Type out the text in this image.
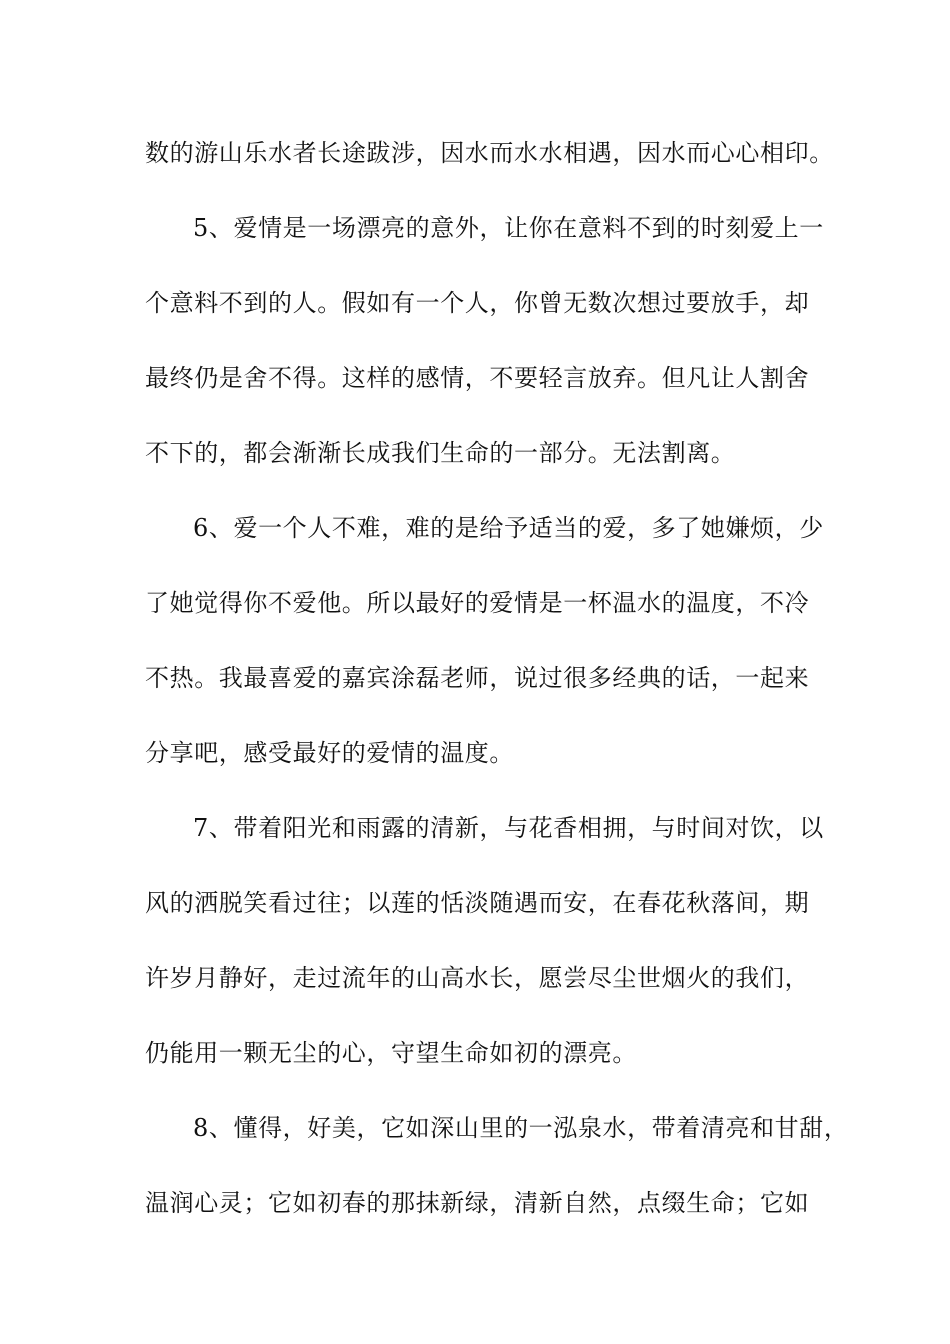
数的游山乐水者长途跋涉，因水而水水相遇，因水而心心相印。
5、爱情是一场漂亮的意外，让你在意料不到的时刻爱上一
个意料不到的人。假如有一个人，你曾无数次想过要放手，却
最终仍是舍不得。这样的感情，不要轻言放弃。但凡让人割舍
不下的，都会渐渐长成我们生命的一部分。无法割离。
6、爱一个人不难，难的是给予适当的爱，多了她嫌烦，少
了她觉得你不爱他。所以最好的爱情是一杯温水的温度，不冷
不热。我最喜爱的嘉宾涂磊老师，说过很多经典的话，一起来
分享吧，感受最好的爱情的温度。
7、带着阳光和雨露的清新，与花香相拥，与时间对饮，以
风的洒脱笑看过往；以莲的恬淡随遇而安，在春花秋落间，期
许岁月静好，走过流年的山高水长，愿尝尽尘世烟火的我们，
仍能用一颗无尘的心，守望生命如初的漂亮。
8、懂得，好美，它如深山里的一泓泉水，带着清亮和甘甜，
温润心灵；它如初春的那抹新绿，清新自然，点缀生命；它如
